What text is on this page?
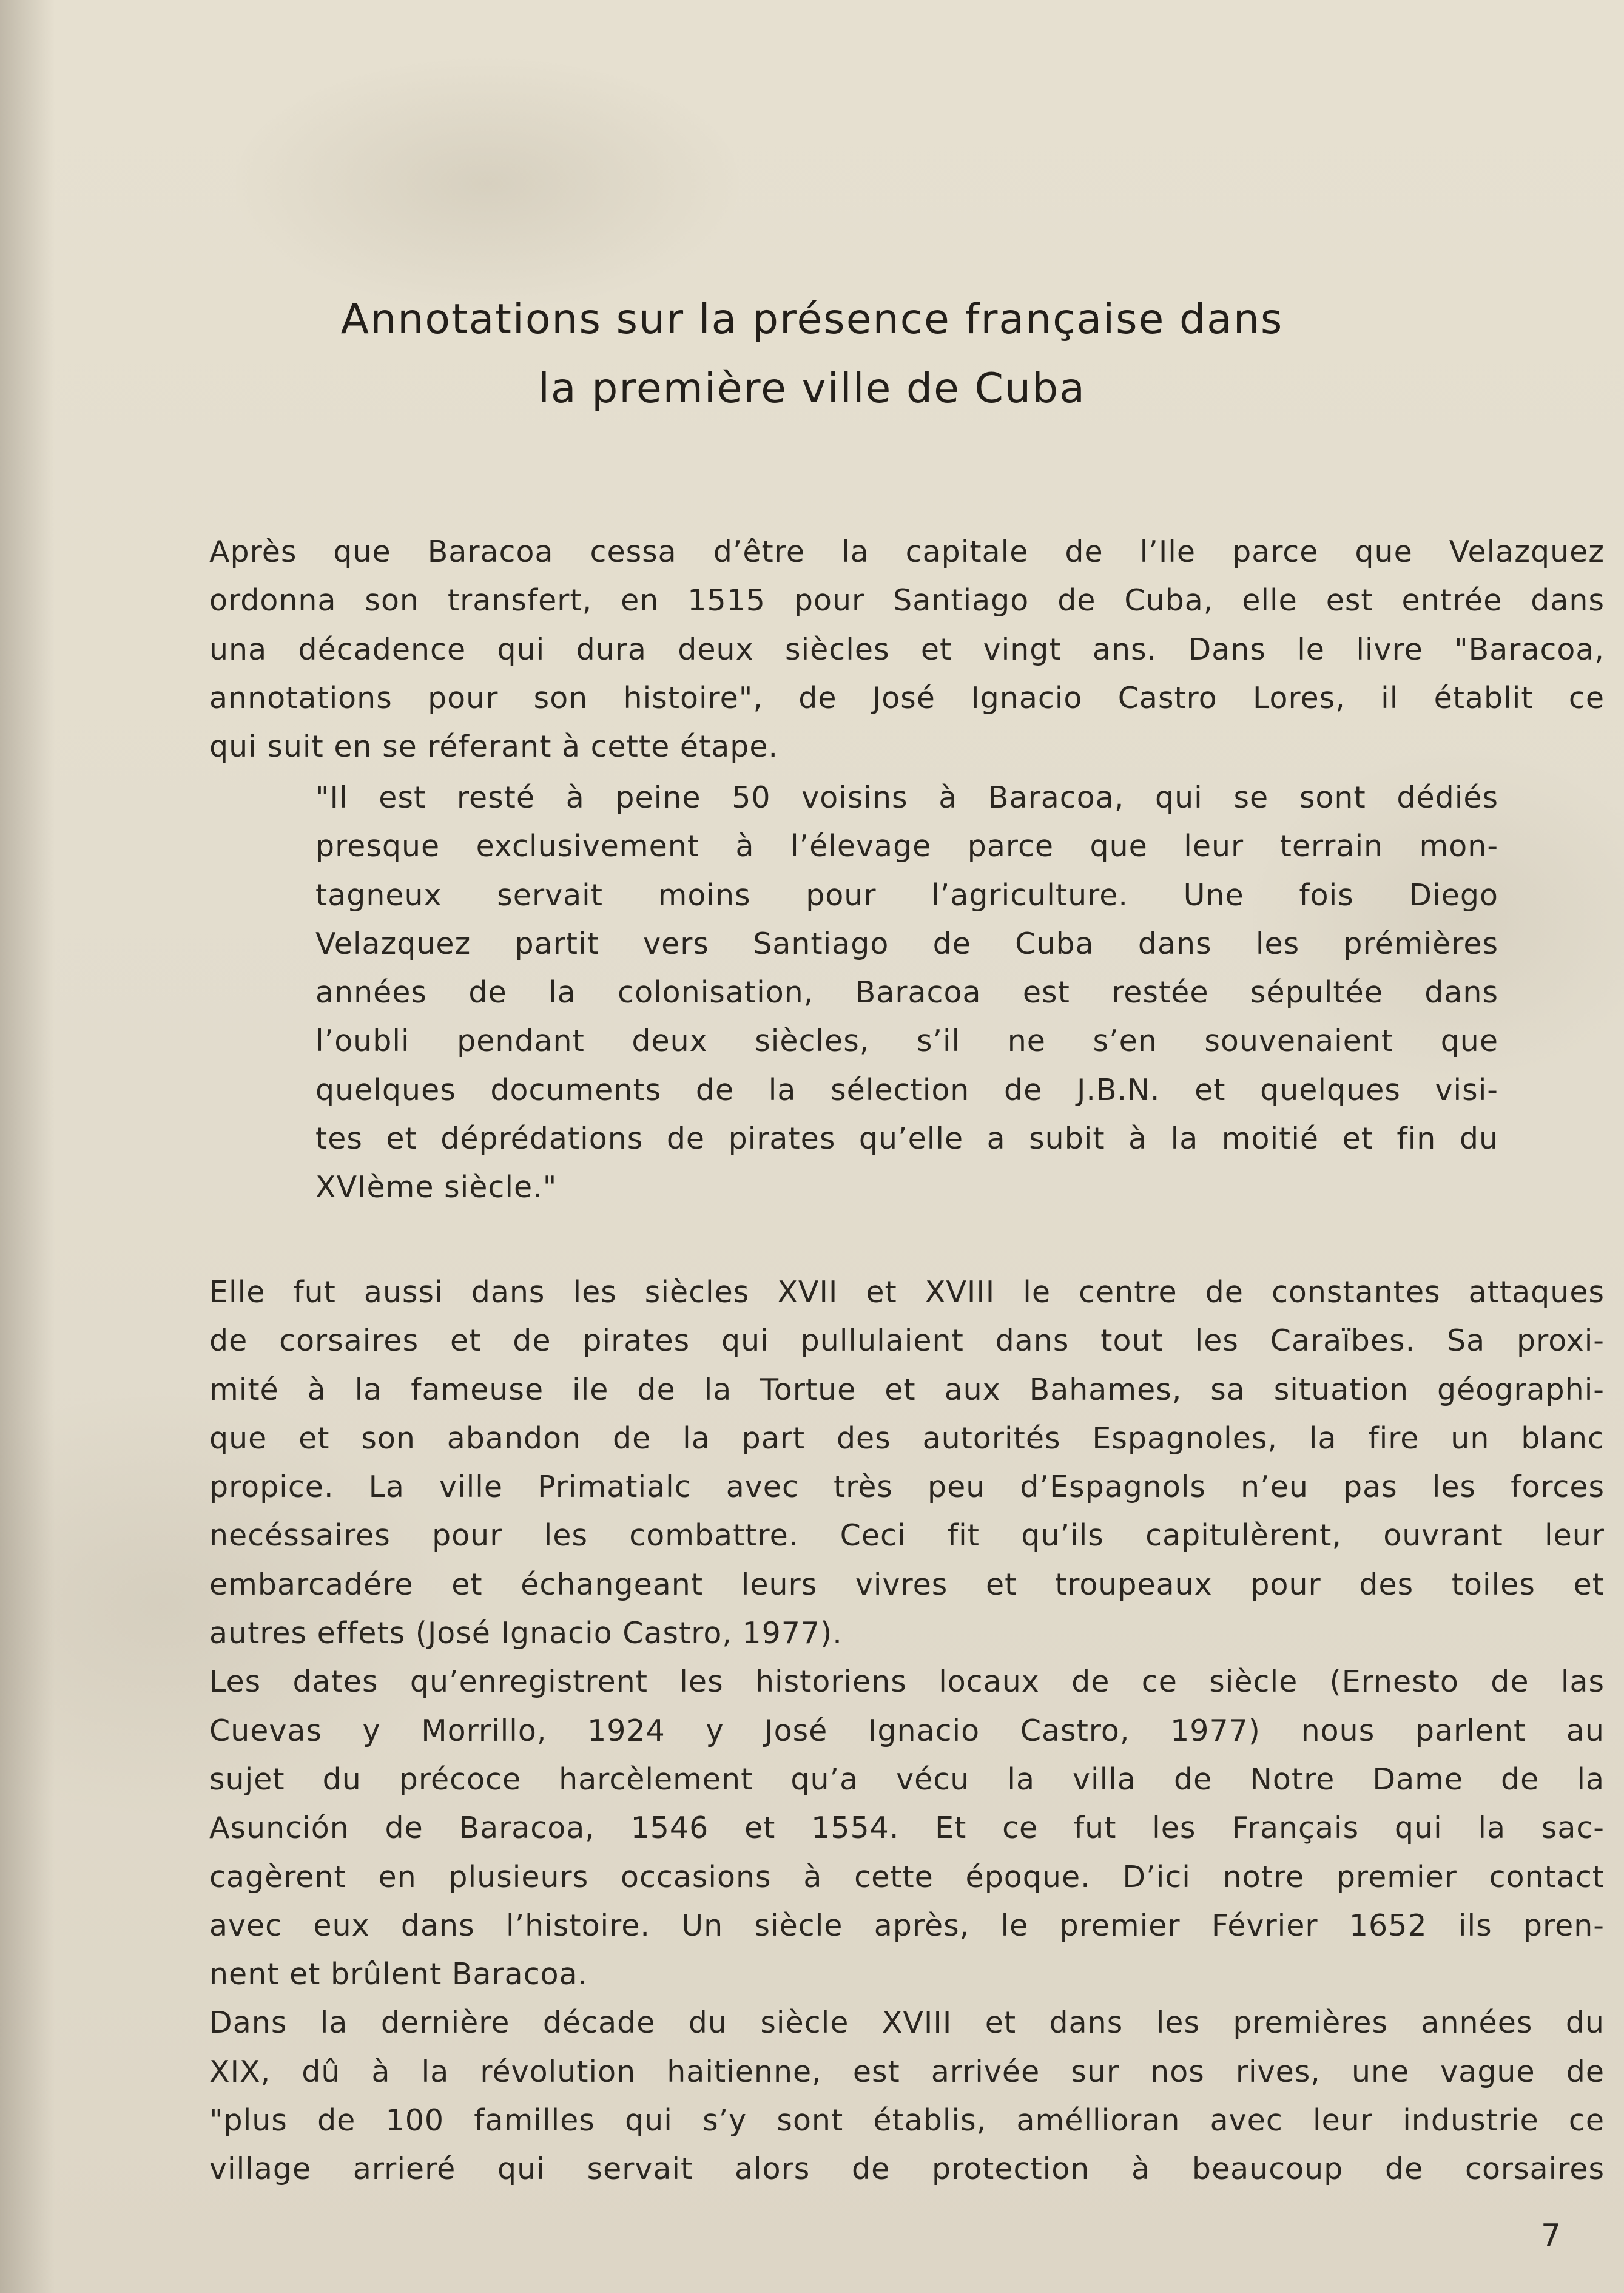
Annotations sur la présence française dans
la première ville de Cuba
Après que Baracoa cessa d’être la capitale de l’Ile parce que Velazquez
ordonna son transfert, en 1515 pour Santiago de Cuba, elle est entrée dans
una décadence qui dura deux siècles et vingt ans. Dans le livre "Baracoa,
annotations pour son histoire", de José Ignacio Castro Lores, il établit ce
qui suit en se réferant à cette étape.
"Il est resté à peine 50 voisins à Baracoa, qui se sont dédiés
presque exclusivement à l’élevage parce que leur terrain mon-
tagneux servait moins pour l’agriculture. Une fois Diego
Velazquez partit vers Santiago de Cuba dans les prémières
années de la colonisation, Baracoa est restée sépultée dans
l’oubli pendant deux siècles, s’il ne s’en souvenaient que
quelques documents de la sélection de J.B.N. et quelques visi-
tes et déprédations de pirates qu’elle a subit à la moitié et fin du
XVIème siècle."

Elle fut aussi dans les siècles XVII et XVIII le centre de constantes attaques
de corsaires et de pirates qui pullulaient dans tout les Caraïbes. Sa proxi-
mité à la fameuse ile de la Tortue et aux Bahames, sa situation géographi-
que et son abandon de la part des autorités Espagnoles, la fire un blanc
propice. La ville Primatialc avec très peu d’Espagnols n’eu pas les forces
necéssaires pour les combattre. Ceci fit qu’ils capitulèrent, ouvrant leur
embarcadére et échangeant leurs vivres et troupeaux pour des toiles et
autres effets (José Ignacio Castro, 1977).

Les dates qu’enregistrent les historiens locaux de ce siècle (Ernesto de las
Cuevas y Morrillo, 1924 y José Ignacio Castro, 1977) nous parlent au
sujet du précoce harcèlement qu’a vécu la villa de Notre Dame de la
Asunción de Baracoa, 1546 et 1554. Et ce fut les Français qui la sac-
cagèrent en plusieurs occasions à cette époque. D’ici notre premier contact
avec eux dans l’histoire. Un siècle après, le premier Février 1652 ils pren-
nent et brûlent Baracoa.

Dans la dernière décade du siècle XVIII et dans les premières années du
XIX, dû à la révolution haitienne, est arrivée sur nos rives, une vague de
"plus de 100 familles qui s’y sont établis, améllioran avec leur industrie ce
village arrieré qui servait alors de protection à beaucoup de corsaires

7
